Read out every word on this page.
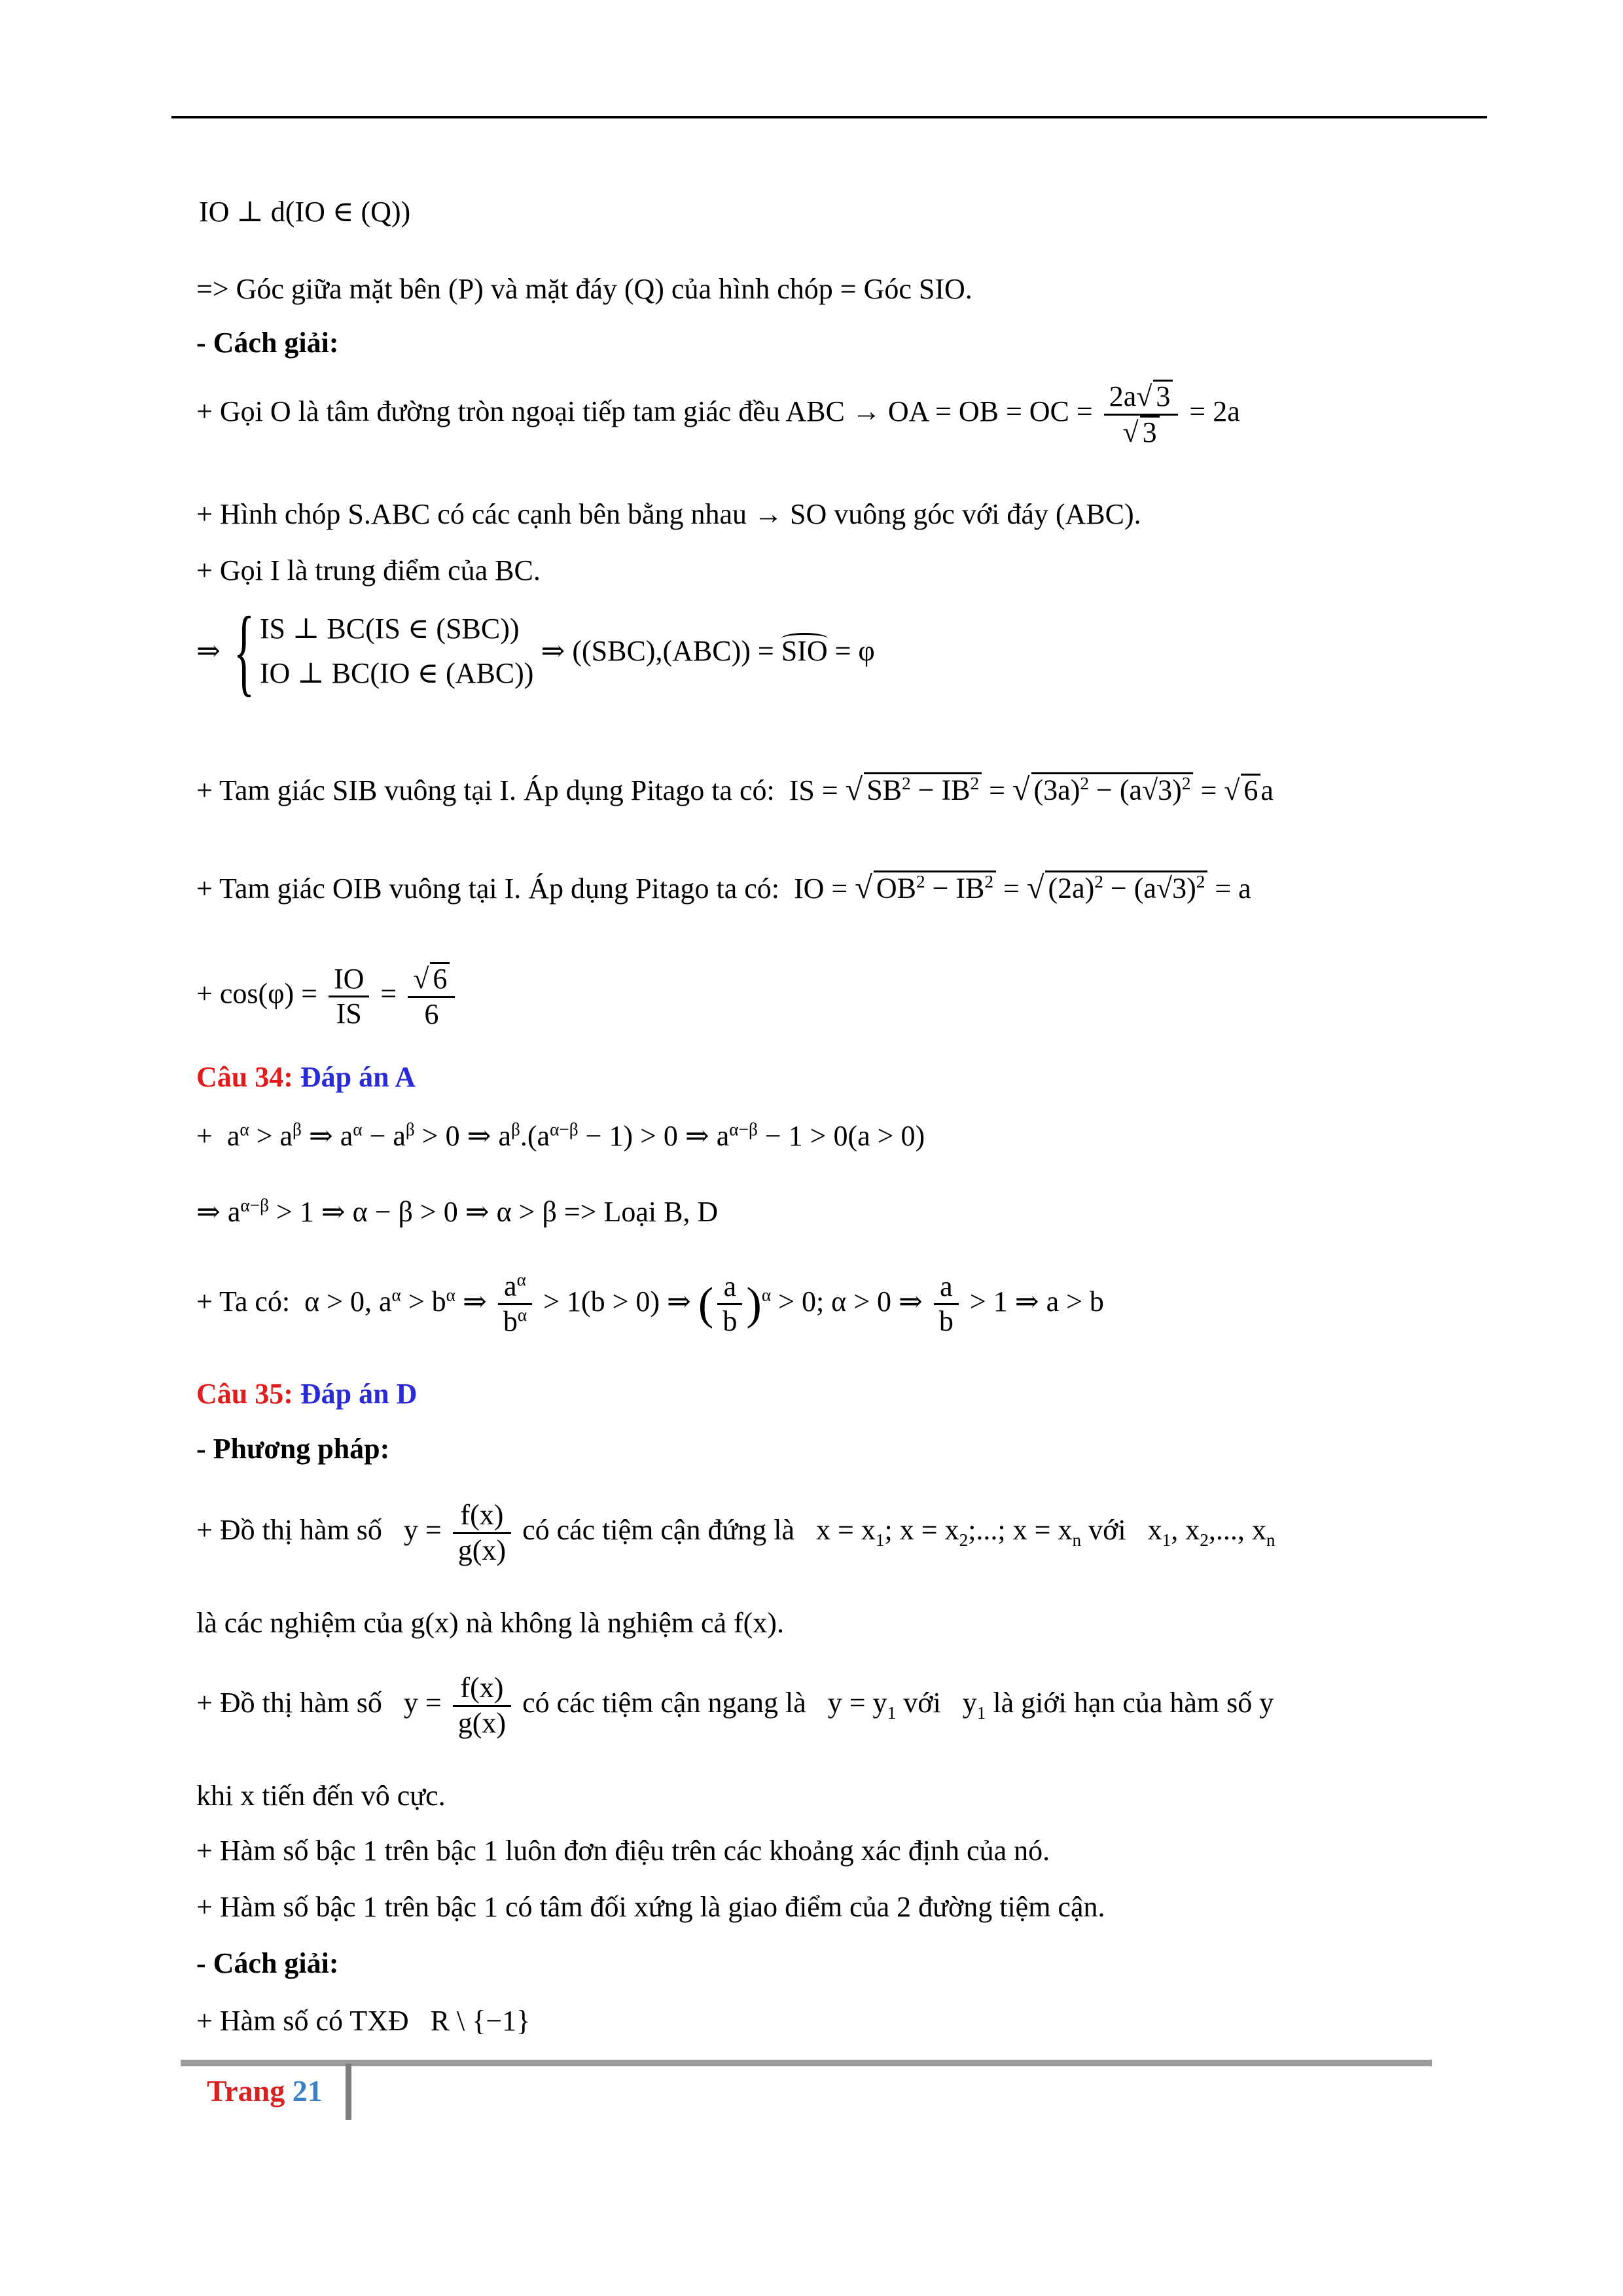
IO ⊥ d(IO ∈ (Q))
=> Góc giữa mặt bên (P) và mặt đáy (Q) của hình chóp = Góc SIO.
- Cách giải:
+ Gọi O là tâm đường tròn ngoại tiếp tam giác đều ABC → OA = OB = OC = $\frac{2a√ 3}{√ 3} = 2a$
+ Hình chóp S.ABC có các cạnh bên bằng nhau → SO vuông góc với đáy (ABC).
+ Gọi I là trung điểm của BC.
⇒ { IS ⊥ BC(IS ∈ (SBC))
IO ⊥ BC(IO ∈ (ABC))
⇒ ((SBC),(ABC)) = SIO = φ
+ Tam giác SIB vuông tại I. Áp dụng Pitago ta có:  IS = √ $SB^2 - IB^2$ = √ $(3a)^2 - (a√3)^2$ = √ 6a
+ Tam giác OIB vuông tại I. Áp dụng Pitago ta có:  IO = √ $OB^2 - IB^2$ = √ $(2a)^2 - (a√3)^2 = a$
+ $\cos(\varphi) = \frac{IO}{IS} = \frac{√ 6}{6}$
Câu 34: Đáp án A
+  $a^\alpha > a^\beta$ ⇒ $a^\alpha - a^\beta > 0$ ⇒ $a^\beta.(a^{\alpha-\beta} - 1) > 0$ ⇒ $a^{\alpha-\beta} - 1 > 0(a > 0)$
⇒ $a^{\alpha-\beta} > 1$ ⇒ α − β > 0 ⇒ α > β => Loại B, D
+ Ta có:  α > 0, $a^\alpha > b^\alpha$ ⇒ $\frac{a^\alpha}{b^\alpha} > 1(b > 0)$ ⇒ ( $\frac{a}{b} )^\alpha > 0$; α > 0 ⇒ $\frac{a}{b} > 1$ ⇒ a > b
Câu 35: Đáp án D
- Phương pháp:
+ Đồ thị hàm số   $y = \frac{f(x)}{g(x)}$ có các tiệm cận đứng là   $x = x_1$; $x = x_2$;...; $x = x_n$ với   $x_1$, $x_2$,..., $x_n$
là các nghiệm của g(x) nà không là nghiệm cả f(x).
+ Đồ thị hàm số   $y = \frac{f(x)}{g(x)}$ có các tiệm cận ngang là   $y = y_1$ với   $y_1$ là giới hạn của hàm số y
khi x tiến đến vô cực.
+ Hàm số bậc 1 trên bậc 1 luôn đơn điệu trên các khoảng xác định của nó.
+ Hàm số bậc 1 trên bậc 1 có tâm đối xứng là giao điểm của 2 đường tiệm cận.
- Cách giải:
+ Hàm số có TXĐ   R \ {−1}
Trang 21
